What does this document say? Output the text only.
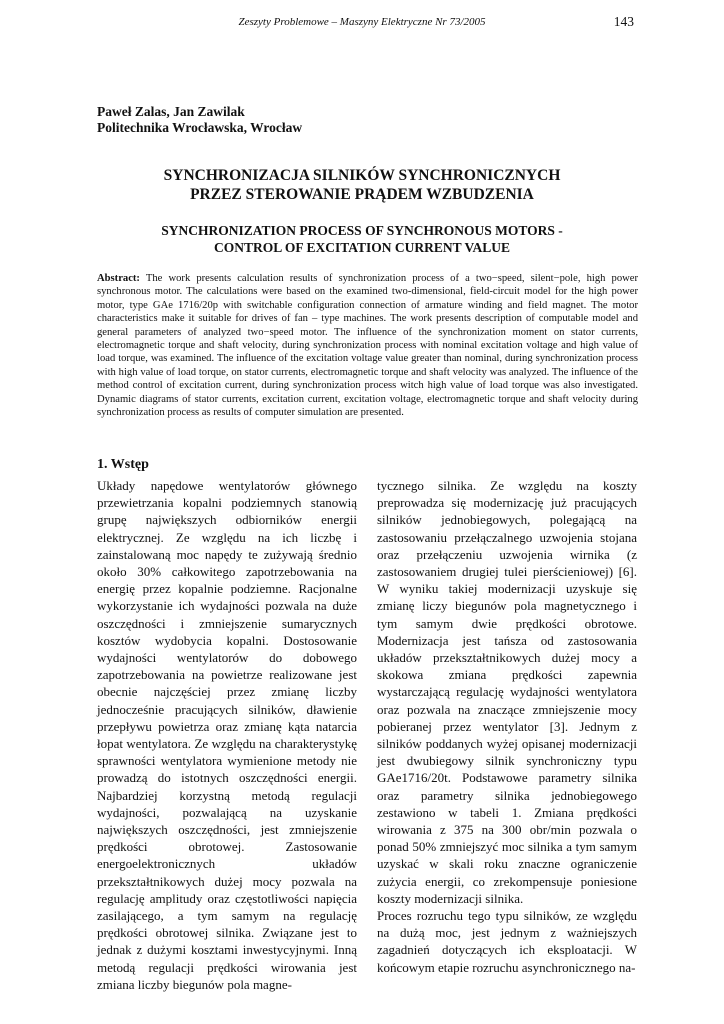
Zeszyty Problemowe – Maszyny Elektryczne Nr 73/2005	143
Paweł Zalas, Jan Zawilak
Politechnika Wrocławska, Wrocław
SYNCHRONIZACJA SILNIKÓW SYNCHRONICZNYCH
PRZEZ STEROWANIE PRĄDEM WZBUDZENIA
SYNCHRONIZATION PROCESS OF SYNCHRONOUS MOTORS -
CONTROL OF EXCITATION CURRENT VALUE
Abstract: The work presents calculation results of synchronization process of a two−speed, silent−pole, high power synchronous motor. The calculations were based on the examined two-dimensional, field-circuit model for the high power motor, type GAe 1716/20p with switchable configuration connection of armature winding and field magnet. The motor characteristics make it suitable for drives of fan – type machines. The work presents description of computable model and general parameters of analyzed two−speed motor. The influence of the synchronization moment on stator currents, electromagnetic torque and shaft velocity, during synchronization process with nominal excitation voltage and high value of load torque, was examined. The influence of the excitation voltage value greater than nominal, during synchronization process with high value of load torque, on stator currents, electromagnetic torque and shaft velocity was analyzed. The influence of the method control of excitation current, during synchronization process witch high value of load torque was also investigated. Dynamic diagrams of stator currents, excitation current, excitation voltage, electromagnetic torque and shaft velocity during synchronization process as results of computer simulation are presented.
1. Wstęp

Układy napędowe wentylatorów głównego przewietrzania kopalni podziemnych stanowią grupę największych odbiorników energii elektrycznej. Ze względu na ich liczbę i zainstalowaną moc napędy te zużywają średnio około 30% całkowitego zapotrzebowania na energię przez kopalnie podziemne. Racjonalne wykorzystanie ich wydajności pozwala na duże oszczędności i zmniejszenie sumarycznych kosztów wydobycia kopalni. Dostosowanie wydajności wentylatorów do dobowego zapotrzebowania na powietrze realizowane jest obecnie najczęściej przez zmianę liczby jednocześnie pracujących silników, dławienie przepływu powietrza oraz zmianę kąta natarcia łopat wentylatora. Ze względu na charakterystykę sprawności wentylatora wymienione metody nie prowadzą do istotnych oszczędności energii. Najbardziej korzystną metodą regulacji wydajności, pozwalającą na uzyskanie największych oszczędności, jest zmniejszenie prędkości obrotowej. Zastosowanie energoelektronicznych układów przekształtnikowych dużej mocy pozwala na regulację amplitudy oraz częstotliwości napięcia zasilającego, a tym samym na regulację prędkości obrotowej silnika. Związane jest to jednak z dużymi kosztami inwestycyjnymi. Inną metodą regulacji prędkości wirowania jest zmiana liczby biegunów pola magne-

tycznego silnika. Ze względu na koszty preprowadza się modernizację już pracujących silników jednobiegowych, polegającą na zastosowaniu przełączalnego uzwojenia stojana oraz przełączeniu uzwojenia wirnika (z zastosowaniem drugiej tulei pierścieniowej) [6]. W wyniku takiej modernizacji uzyskuje się zmianę liczy biegunów pola magnetycznego i tym samym dwie prędkości obrotowe. Modernizacja jest tańsza od zastosowania układów przekształtnikowych dużej mocy a skokowa zmiana prędkości zapewnia wystarczającą regulację wydajności wentylatora oraz pozwala na znaczące zmniejszenie mocy pobieranej przez wentylator [3]. Jednym z silników poddanych wyżej opisanej modernizacji jest dwubiegowy silnik synchroniczny typu GAe1716/20t. Podstawowe parametry silnika oraz parametry silnika jednobiegowego zestawiono w tabeli 1. Zmiana prędkości wirowania z 375 na 300 obr/min pozwala o ponad 50% zmniejszyć moc silnika a tym samym uzyskać w skali roku znaczne ograniczenie zużycia energii, co zrekompensuje poniesione koszty modernizacji silnika.

Proces rozruchu tego typu silników, ze względu na dużą moc, jest jednym z ważniejszych zagadnień dotyczących ich eksploatacji. W końcowym etapie rozruchu asynchronicznego na-
